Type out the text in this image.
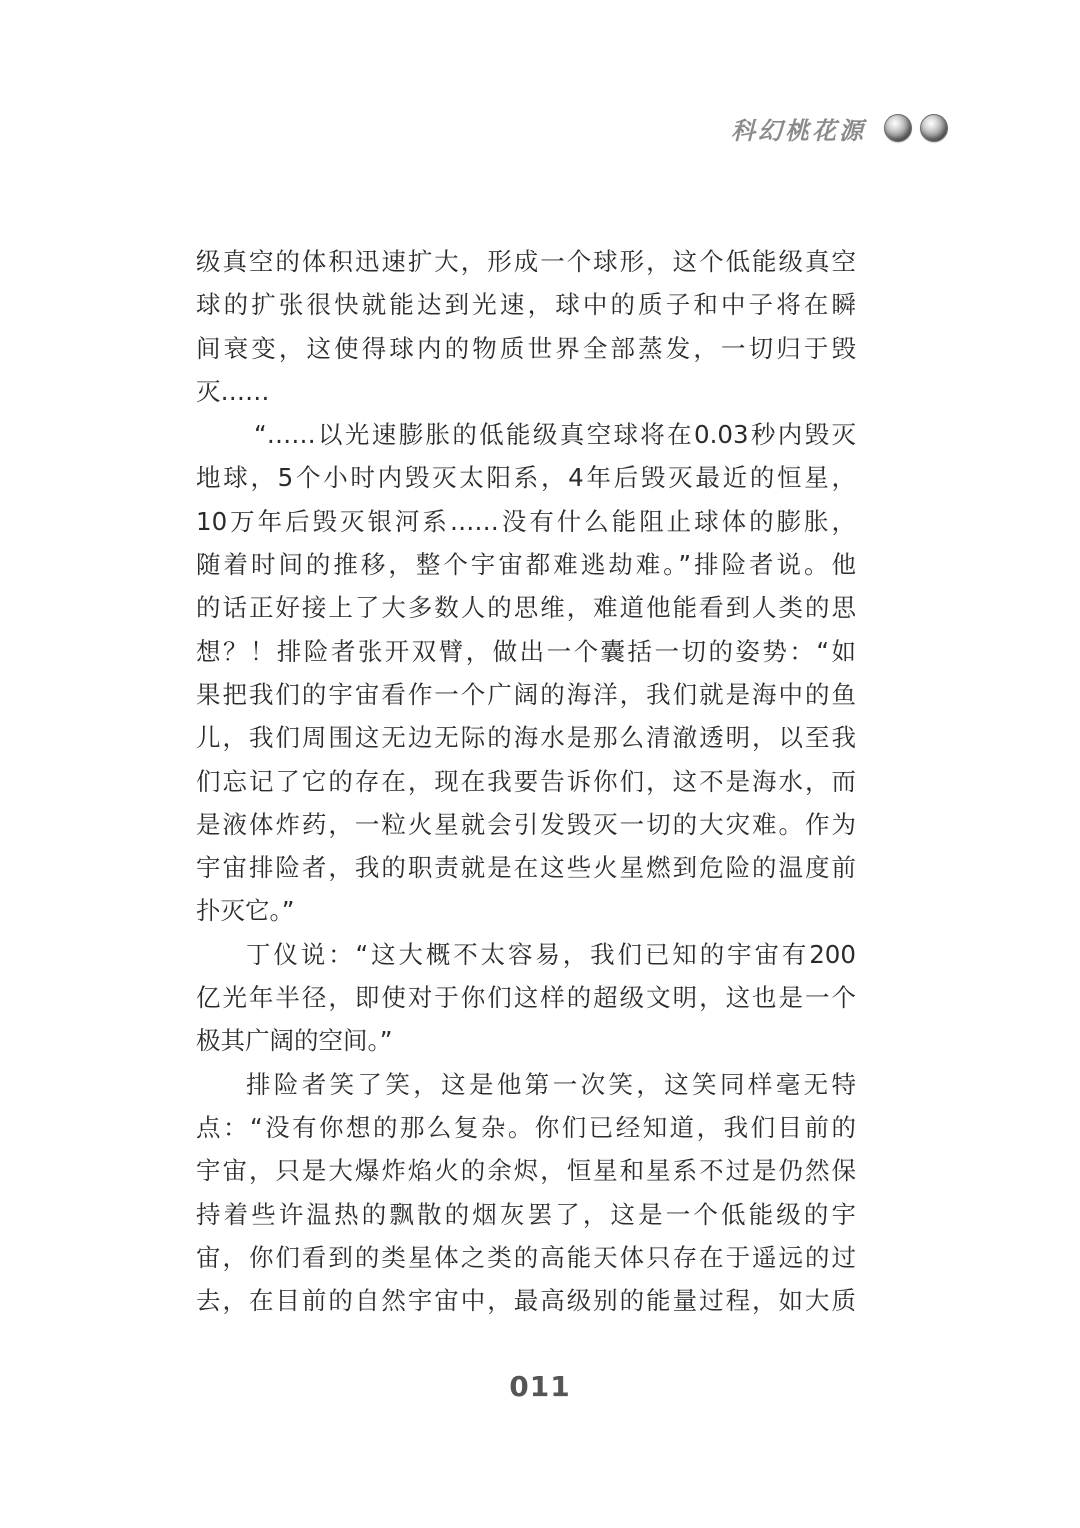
科幻桃花源
级真空的体积迅速扩大，形成一个球形，这个低能级真空
球的扩张很快就能达到光速，球中的质子和中子将在瞬
间衰变，这使得球内的物质世界全部蒸发，一切归于毁
灭……
“……以光速膨胀的低能级真空球将在0.03秒内毁灭
地球，5个小时内毁灭太阳系，4年后毁灭最近的恒星，
10万年后毁灭银河系……没有什么能阻止球体的膨胀，
随着时间的推移，整个宇宙都难逃劫难。”排险者说。他
的话正好接上了大多数人的思维，难道他能看到人类的思
想？！排险者张开双臂，做出一个囊括一切的姿势：“如
果把我们的宇宙看作一个广阔的海洋，我们就是海中的鱼
儿，我们周围这无边无际的海水是那么清澈透明，以至我
们忘记了它的存在，现在我要告诉你们，这不是海水，而
是液体炸药，一粒火星就会引发毁灭一切的大灾难。作为
宇宙排险者，我的职责就是在这些火星燃到危险的温度前
扑灭它。”
丁仪说：“这大概不太容易，我们已知的宇宙有200
亿光年半径，即使对于你们这样的超级文明，这也是一个
极其广阔的空间。”
排险者笑了笑，这是他第一次笑，这笑同样毫无特
点：“没有你想的那么复杂。你们已经知道，我们目前的
宇宙，只是大爆炸焰火的余烬，恒星和星系不过是仍然保
持着些许温热的飘散的烟灰罢了，这是一个低能级的宇
宙，你们看到的类星体之类的高能天体只存在于遥远的过
去，在目前的自然宇宙中，最高级别的能量过程，如大质
011
